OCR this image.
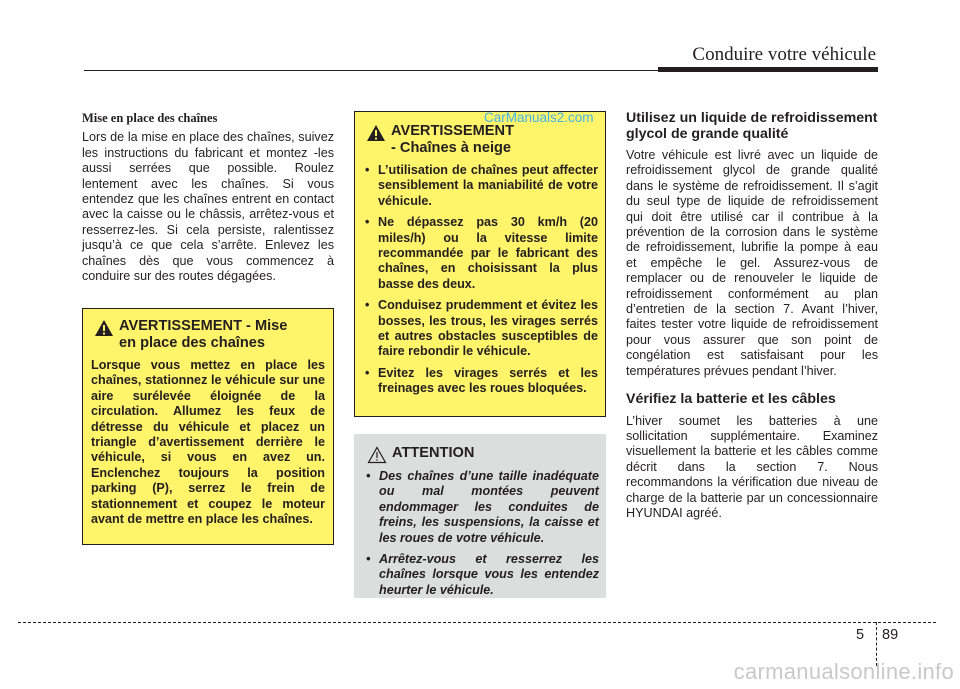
Conduire votre véhicule

Mise en place des chaînes

Lors de la mise en place des chaînes, suivez les instructions du fabricant et montez -les aussi serrées que possible. Roulez lentement avec les chaînes. Si vous entendez que les chaînes entrent en contact avec la caisse ou le châssis, arrêtez-vous et resserrez-les. Si cela persiste, ralentissez jusqu’à ce que cela s’arrête. Enlevez les chaînes dès que vous commencez à conduire sur des routes dégagées.

AVERTISSEMENT - Mise
en place des chaînes
Lorsque vous mettez en place les chaînes, stationnez le véhicule sur une aire surélevée éloignée de la circulation. Allumez les feux de détresse du véhicule et placez un triangle d’avertissement derrière le véhicule, si vous en avez un. Enclenchez toujours la position parking (P), serrez le frein de stationnement et coupez le moteur avant de mettre en place les chaînes.
AVERTISSEMENT
- Chaînes à neige
• L’utilisation de chaînes peut affecter sensiblement la maniabilité de votre véhicule.
• Ne dépassez pas 30 km/h (20 miles/h) ou la vitesse limite recommandée par le fabricant des chaînes, en choisissant la plus basse des deux.
• Conduisez prudemment et évitez les bosses, les trous, les virages serrés et autres obstacles susceptibles de faire rebondir le véhicule.
• Evitez les virages serrés et les freinages avec les roues bloquées.
ATTENTION
• Des chaînes d’une taille inadéquate ou mal montées peuvent endommager les conduites de freins, les suspensions, la caisse et les roues de votre véhicule.
• Arrêtez-vous et resserrez les chaînes lorsque vous les entendez heurter le véhicule.

Utilisez un liquide de refroidissement glycol de grande qualité

Votre véhicule est livré avec un liquide de refroidissement glycol de grande qualité dans le système de refroidissement. Il s’agit du seul type de liquide de refroidissement qui doit être utilisé car il contribue à la prévention de la corrosion dans le système de refroidissement, lubrifie la pompe à eau et empêche le gel. Assurez-vous de remplacer ou de renouveler le liquide de refroidissement conformément au plan d’entretien de la section 7. Avant l’hiver, faites tester votre liquide de refroidissement pour vous assurer que son point de congélation est satisfaisant pour les températures prévues pendant l’hiver.

Vérifiez la batterie et les câbles

L’hiver soumet les batteries à une sollicitation supplémentaire. Examinez visuellement la batterie et les câbles comme décrit dans la section 7. Nous recommandons la vérification due niveau de charge de la batterie par un concessionnaire HYUNDAI agréé.

CarManuals2.com
5 89
carmanualsonline.info
